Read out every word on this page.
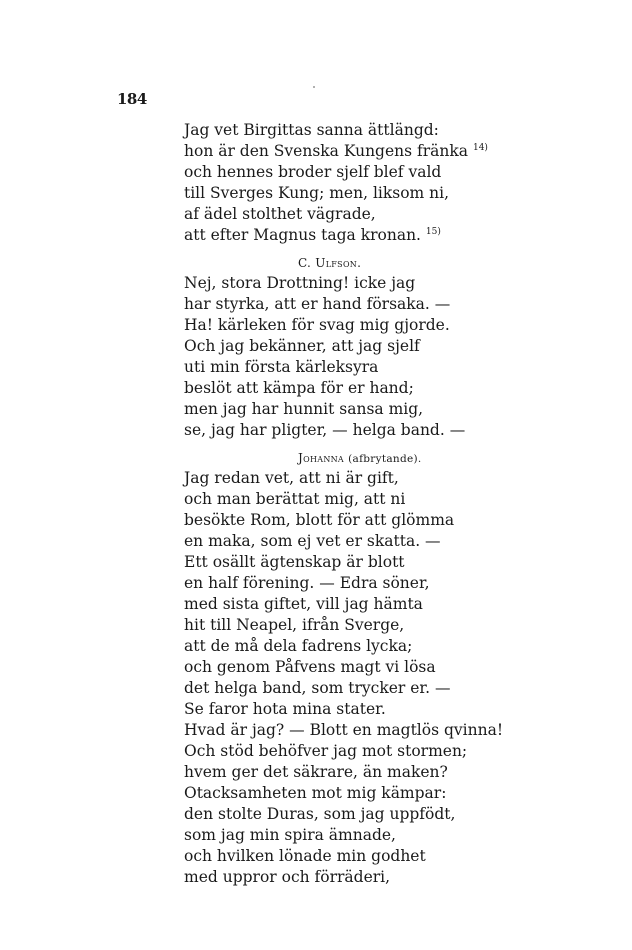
184
Jag vet Birgittas sanna ättlängd:
hon är den Svenska Kungens fränka $^{14)}$
och hennes broder sjelf blef vald
till Sverges Kung; men, liksom ni,
af ädel stolthet vägrade,
att efter Magnus taga kronan. $^{15)}$
C. Ulfson.
Nej, stora Drottning! icke jag
har styrka, att er hand försaka. —
Ha! kärleken för svag mig gjorde.
Och jag bekänner, att jag sjelf
uti min första kärleksyra
beslöt att kämpa för er hand;
men jag har hunnit sansa mig,
se, jag har pligter, — helga band. —
Johanna (afbrytande).
Jag redan vet, att ni är gift,
och man berättat mig, att ni
besökte Rom, blott för att glömma
en maka, som ej vet er skatta. —
Ett osällt ägtenskap är blott
en half förening. — Edra söner,
med sista giftet, vill jag hämta
hit till Neapel, ifrån Sverge,
att de må dela fadrens lycka;
och genom Påfvens magt vi lösa
det helga band, som trycker er. —
Se faror hota mina stater.
Hvad är jag? — Blott en magtlös qvinna!
Och stöd behöfver jag mot stormen;
hvem ger det säkrare, än maken?
Otacksamheten mot mig kämpar:
den stolte Duras, som jag uppfödt,
som jag min spira ämnade,
och hvilken lönade min godhet
med uppror och förräderi,
